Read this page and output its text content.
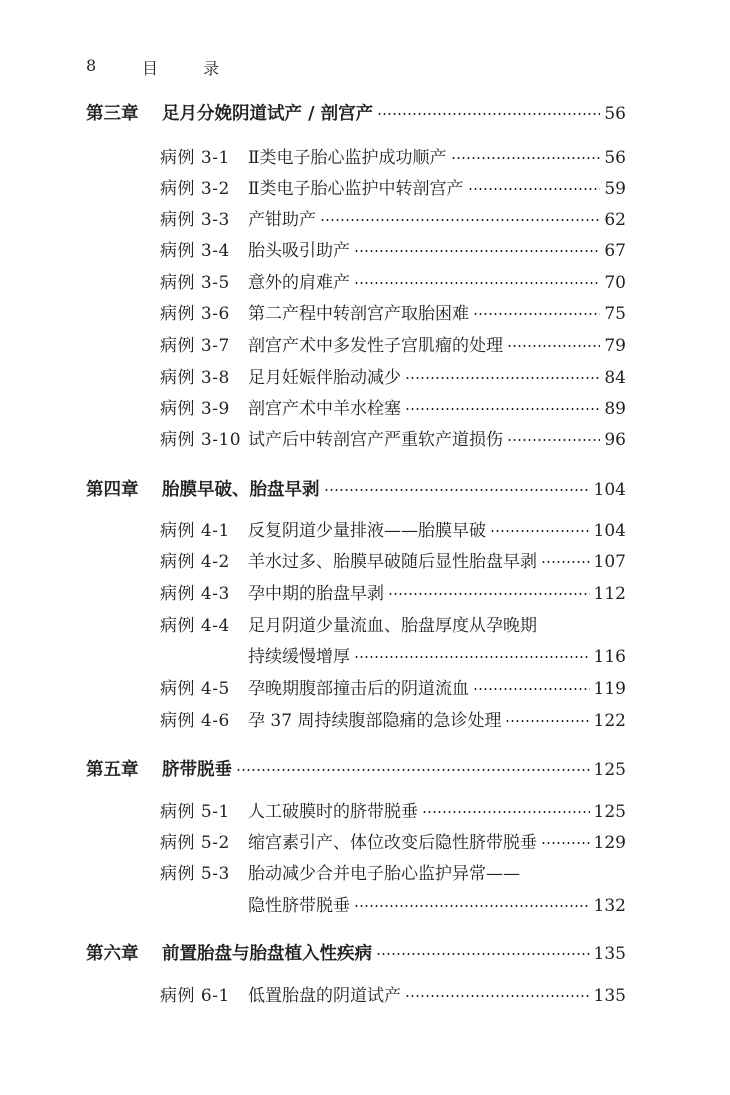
8	目 录
第三章	足月分娩阴道试产 / 剖宫产	56
病例 3-1	Ⅱ类电子胎心监护成功顺产	56
病例 3-2	Ⅱ类电子胎心监护中转剖宫产	59
病例 3-3	产钳助产	62
病例 3-4	胎头吸引助产	67
病例 3-5	意外的肩难产	70
病例 3-6	第二产程中转剖宫产取胎困难	75
病例 3-7	剖宫产术中多发性子宫肌瘤的处理	79
病例 3-8	足月妊娠伴胎动减少	84
病例 3-9	剖宫产术中羊水栓塞	89
病例 3-10 试产后中转剖宫产严重软产道损伤	96
第四章	胎膜早破、胎盘早剥	104
病例 4-1	反复阴道少量排液——胎膜早破	104
病例 4-2	羊水过多、胎膜早破随后显性胎盘早剥	107
病例 4-3	孕中期的胎盘早剥	112
病例 4-4	足月阴道少量流血、胎盘厚度从孕晚期
持续缓慢增厚	116
病例 4-5	孕晚期腹部撞击后的阴道流血	119
病例 4-6	孕 37 周持续腹部隐痛的急诊处理	122
第五章	脐带脱垂	125
病例 5-1	人工破膜时的脐带脱垂	125
病例 5-2	缩宫素引产、体位改变后隐性脐带脱垂	129
病例 5-3	胎动减少合并电子胎心监护异常——
隐性脐带脱垂	132
第六章	前置胎盘与胎盘植入性疾病	135
病例 6-1	低置胎盘的阴道试产	135
